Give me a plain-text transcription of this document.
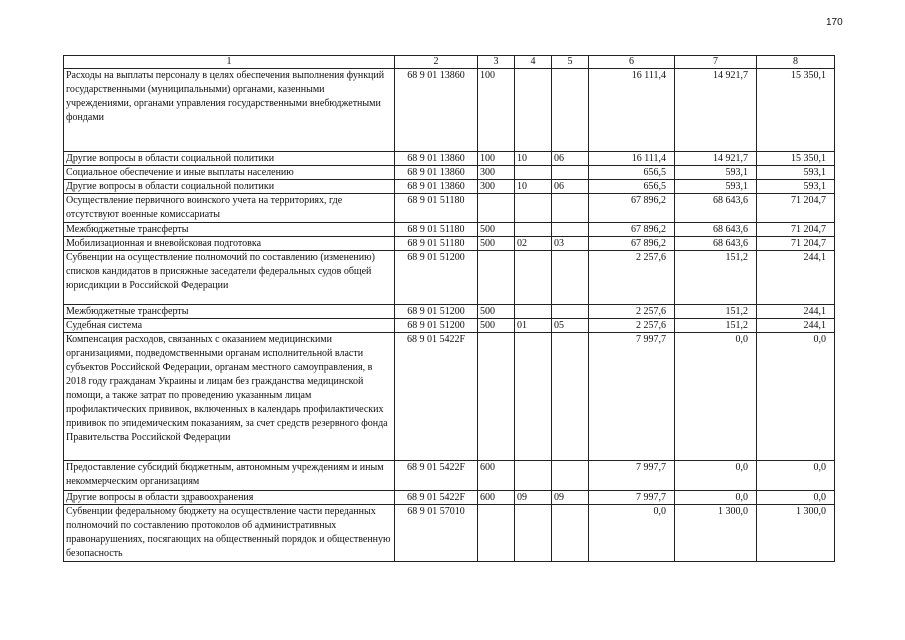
170
1	2	3	4	5	6	7	8
Расходы на выплаты персоналу в целях обеспечения выполнения функций государственными (муниципальными) органами, казенными учреждениями, органами управления государственными внебюджетными фондами	68 9 01 13860	100			16 111,4	14 921,7	15 350,1
Другие вопросы в области социальной политики	68 9 01 13860	100	10	06	16 111,4	14 921,7	15 350,1
Социальное обеспечение и иные выплаты населению	68 9 01 13860	300			656,5	593,1	593,1
Другие вопросы в области социальной политики	68 9 01 13860	300	10	06	656,5	593,1	593,1
Осуществление первичного воинского учета на территориях, где отсутствуют военные комиссариаты	68 9 01 51180				67 896,2	68 643,6	71 204,7
Межбюджетные трансферты	68 9 01 51180	500			67 896,2	68 643,6	71 204,7
Мобилизационная и вневойсковая подготовка	68 9 01 51180	500	02	03	67 896,2	68 643,6	71 204,7
Субвенции на осуществление полномочий по составлению (изменению) списков кандидатов в присяжные заседатели федеральных судов общей юрисдикции в Российской Федерации	68 9 01 51200				2 257,6	151,2	244,1
Межбюджетные трансферты	68 9 01 51200	500			2 257,6	151,2	244,1
Судебная система	68 9 01 51200	500	01	05	2 257,6	151,2	244,1
Компенсация расходов, связанных с оказанием медицинскими организациями, подведомственными органам исполнительной власти субъектов Российской Федерации, органам местного самоуправления, в 2018 году гражданам Украины и лицам без гражданства медицинской помощи, а также затрат по проведению указанным лицам профилактических прививок, включенных в календарь профилактических прививок по эпидемическим показаниям, за счет средств резервного фонда Правительства Российской Федерации	68 9 01 5422F				7 997,7	0,0	0,0
Предоставление субсидий бюджетным, автономным учреждениям и иным некоммерческим организациям	68 9 01 5422F	600			7 997,7	0,0	0,0
Другие вопросы в области здравоохранения	68 9 01 5422F	600	09	09	7 997,7	0,0	0,0
Субвенции федеральному бюджету на осуществление части переданных полномочий по составлению протоколов об административных правонарушениях, посягающих на общественный порядок и общественную безопасность	68 9 01 57010				0,0	1 300,0	1 300,0
